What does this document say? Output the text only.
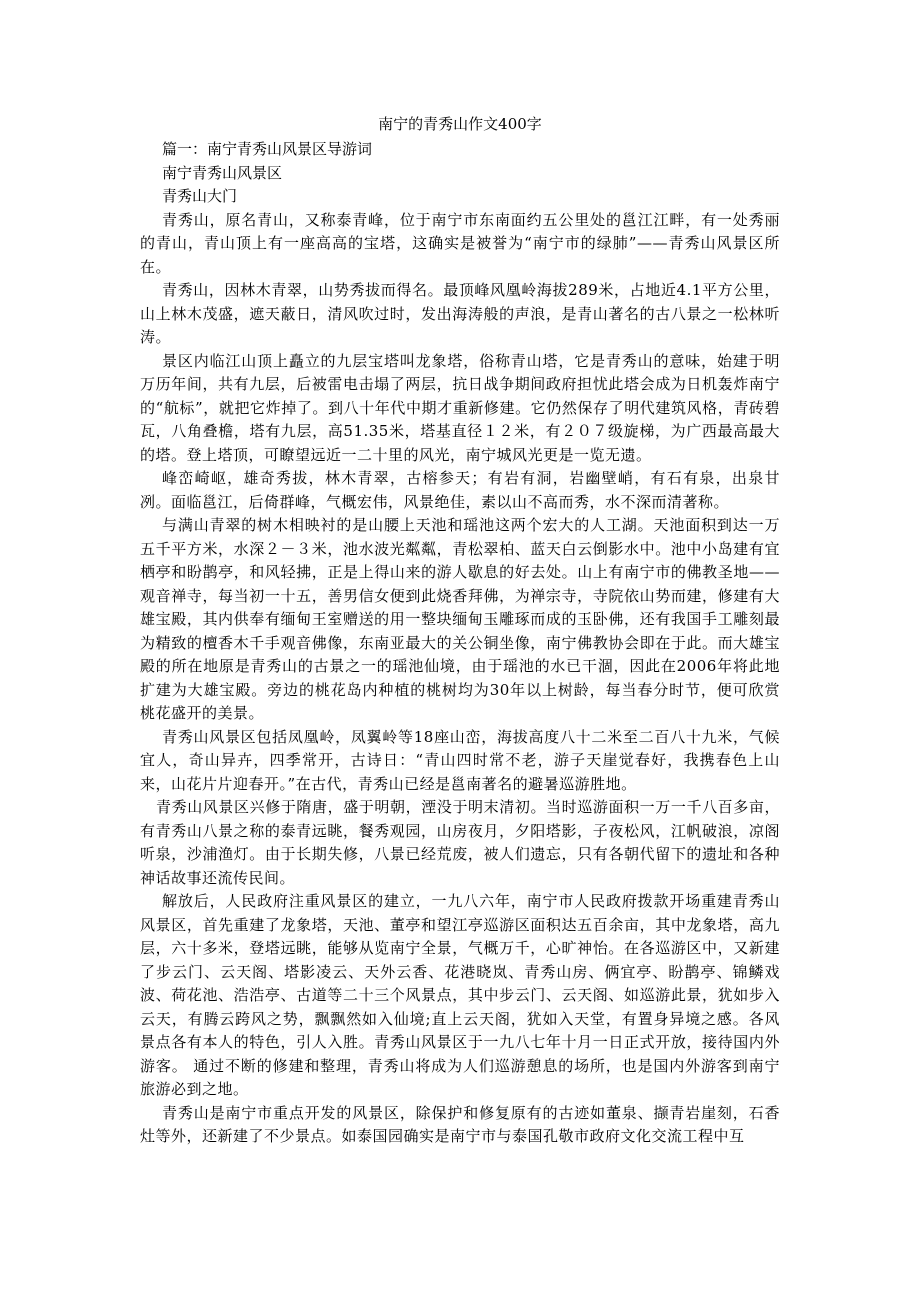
南宁的青秀山作文400字

篇一：南宁青秀山风景区导游词

南宁青秀山风景区

青秀山大门

青秀山，原名青山，又称泰青峰，位于南宁市东南面约五公里处的邕江江畔，有一处秀丽的青山，青山顶上有一座高高的宝塔，这确实是被誉为“南宁市的绿肺”——青秀山风景区所在。

青秀山，因林木青翠，山势秀拔而得名。最顶峰风凰岭海拔289米，占地近4.1平方公里，山上林木茂盛，遮天蔽日，清风吹过时，发出海涛般的声浪，是青山著名的古八景之一松林听涛。

景区内临江山顶上矗立的九层宝塔叫龙象塔，俗称青山塔，它是青秀山的意味，始建于明万历年间，共有九层，后被雷电击塌了两层，抗日战争期间政府担忧此塔会成为日机轰炸南宁的“航标”，就把它炸掉了。到八十年代中期才重新修建。它仍然保存了明代建筑风格，青砖碧瓦，八角叠檐，塔有九层，高51.35米，塔基直径１２米，有２０７级旋梯，为广西最高最大的塔。登上塔顶，可瞭望远近一二十里的风光，南宁城风光更是一览无遗。

峰峦崎岖，雄奇秀拔，林木青翠，古榕参天；有岩有洞，岩幽壁峭，有石有泉，出泉甘冽。面临邕江，后倚群峰，气概宏伟，风景绝佳，素以山不高而秀，水不深而清著称。

与满山青翠的树木相映衬的是山腰上天池和瑶池这两个宏大的人工湖。天池面积到达一万五千平方米，水深２－３米，池水波光粼粼，青松翠柏、蓝天白云倒影水中。池中小岛建有宜栖亭和盼鹊亭，和风轻拂，正是上得山来的游人歇息的好去处。山上有南宁市的佛教圣地——观音禅寺，每当初一十五，善男信女便到此烧香拜佛，为禅宗寺，寺院依山势而建，修建有大雄宝殿，其内供奉有缅甸王室赠送的用一整块缅甸玉雕琢而成的玉卧佛，还有我国手工雕刻最为精致的檀香木千手观音佛像，东南亚最大的关公铜坐像，南宁佛教协会即在于此。而大雄宝殿的所在地原是青秀山的古景之一的瑶池仙境，由于瑶池的水已干涸，因此在2006年将此地扩建为大雄宝殿。旁边的桃花岛内种植的桃树均为30年以上树龄，每当春分时节，便可欣赏桃花盛开的美景。

青秀山风景区包括凤凰岭，凤翼岭等18座山峦，海拔高度八十二米至二百八十九米，气候宜人，奇山异卉，四季常开，古诗日：“青山四时常不老，游子天崖觉春好，我携春色上山来，山花片片迎春开。”在古代，青秀山已经是邕南著名的避暑巡游胜地。

青秀山风景区兴修于隋唐，盛于明朝，湮没于明末清初。当时巡游面积一万一千八百多亩，有青秀山八景之称的泰青远眺，餐秀观园，山房夜月，夕阳塔影，子夜松风，江帆破浪，凉阁听泉，沙浦渔灯。由于长期失修，八景已经荒废，被人们遗忘，只有各朝代留下的遗址和各种神话故事还流传民间。

解放后，人民政府注重风景区的建立，一九八六年，南宁市人民政府拨款开场重建青秀山风景区，首先重建了龙象塔，天池、董亭和望江亭巡游区面积达五百余亩，其中龙象塔，高九层，六十多米，登塔远眺，能够从览南宁全景，气概万千，心旷神怡。在各巡游区中，又新建了步云门、云天阁、塔影凌云、天外云香、花港晓岚、青秀山房、俩宜亭、盼鹊亭、锦鳞戏波、荷花池、浩浩亭、古道等二十三个风景点，其中步云门、云天阁、如巡游此景，犹如步入云天，有腾云跨风之势，飘飘然如入仙境;直上云天阁，犹如入天堂，有置身异境之感。各风景点各有本人的特色，引人入胜。青秀山风景区于一九八七年十月一日正式开放，接待国内外游客。 通过不断的修建和整理，青秀山将成为人们巡游憩息的场所，也是国内外游客到南宁旅游必到之地。

青秀山是南宁市重点开发的风景区，除保护和修复原有的古迹如董泉、撷青岩崖刻，石香灶等外，还新建了不少景点。如泰国园确实是南宁市与泰国孔敬市政府文化交流工程中互
